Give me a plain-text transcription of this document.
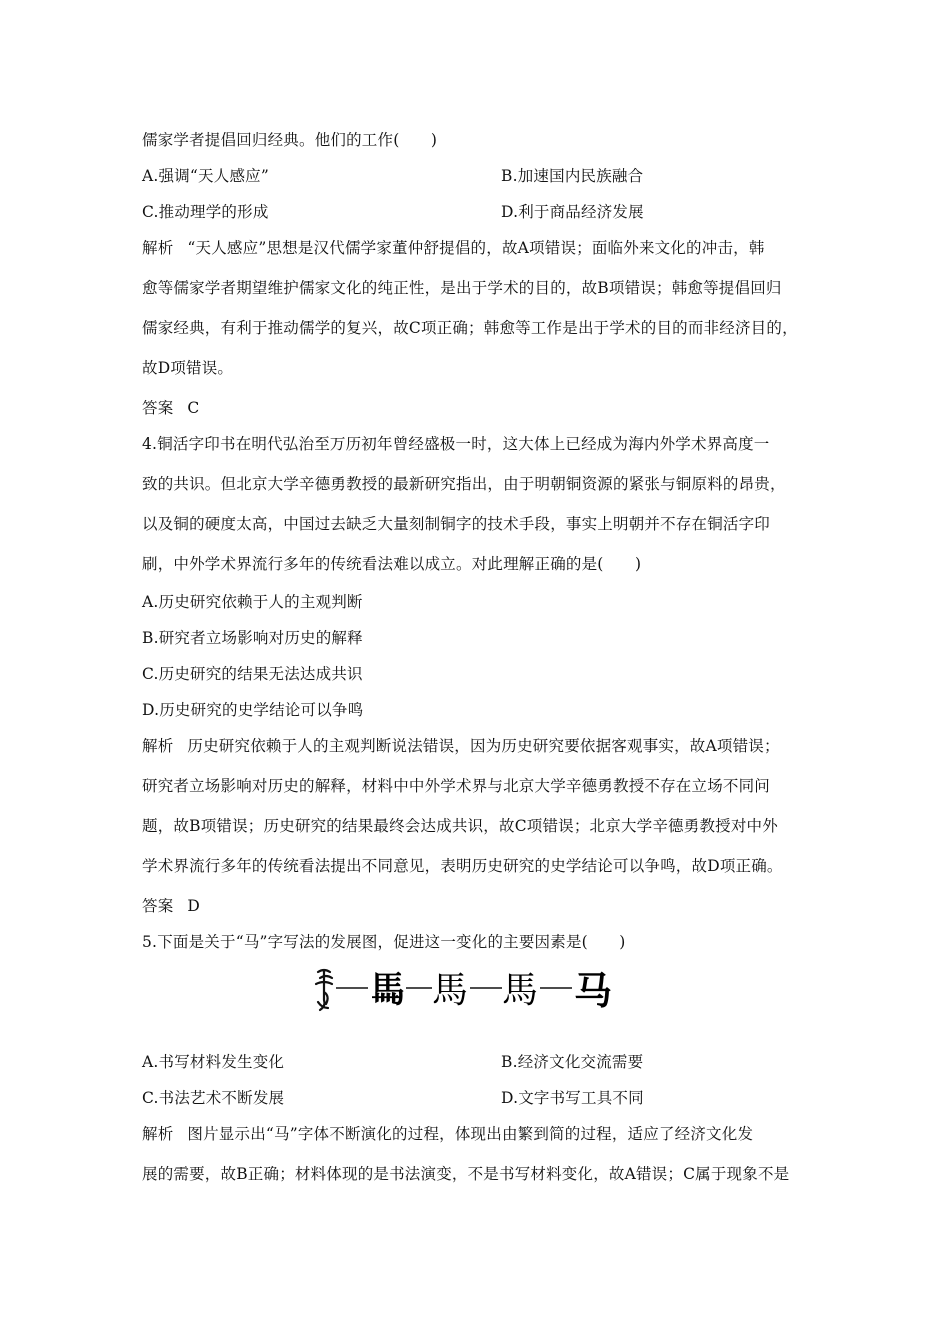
儒家学者提倡回归经典。他们的工作(　　)
A.强调“天人感应”	B.加速国内民族融合
C.推动理学的形成	D.利于商品经济发展
解析 “天人感应”思想是汉代儒学家董仲舒提倡的，故A项错误；面临外来文化的冲击，韩
愈等儒家学者期望维护儒家文化的纯正性，是出于学术的目的，故B项错误；韩愈等提倡回归
儒家经典，有利于推动儒学的复兴，故C项正确；韩愈等工作是出于学术的目的而非经济目的，
故D项错误。
答案 C
4.铜活字印书在明代弘治至万历初年曾经盛极一时，这大体上已经成为海内外学术界高度一
致的共识。但北京大学辛德勇教授的最新研究指出，由于明朝铜资源的紧张与铜原料的昂贵，
以及铜的硬度太高，中国过去缺乏大量刻制铜字的技术手段，事实上明朝并不存在铜活字印
刷，中外学术界流行多年的传统看法难以成立。对此理解正确的是(　　)
A.历史研究依赖于人的主观判断
B.研究者立场影响对历史的解释
C.历史研究的结果无法达成共识
D.历史研究的史学结论可以争鸣
解析 历史研究依赖于人的主观判断说法错误，因为历史研究要依据客观事实，故A项错误；
研究者立场影响对历史的解释，材料中中外学术界与北京大学辛德勇教授不存在立场不同问
题，故B项错误；历史研究的结果最终会达成共识，故C项错误；北京大学辛德勇教授对中外
学术界流行多年的传统看法提出不同意见，表明历史研究的史学结论可以争鸣，故D项正确。
答案 D
5.下面是关于“马”字写法的发展图，促进这一变化的主要因素是(　　)
𩡧 馬 馬 马
A.书写材料发生变化	B.经济文化交流需要
C.书法艺术不断发展	D.文字书写工具不同
解析 图片显示出“马”字体不断演化的过程，体现出由繁到简的过程，适应了经济文化发
展的需要，故B正确；材料体现的是书法演变，不是书写材料变化，故A错误；C属于现象不是
